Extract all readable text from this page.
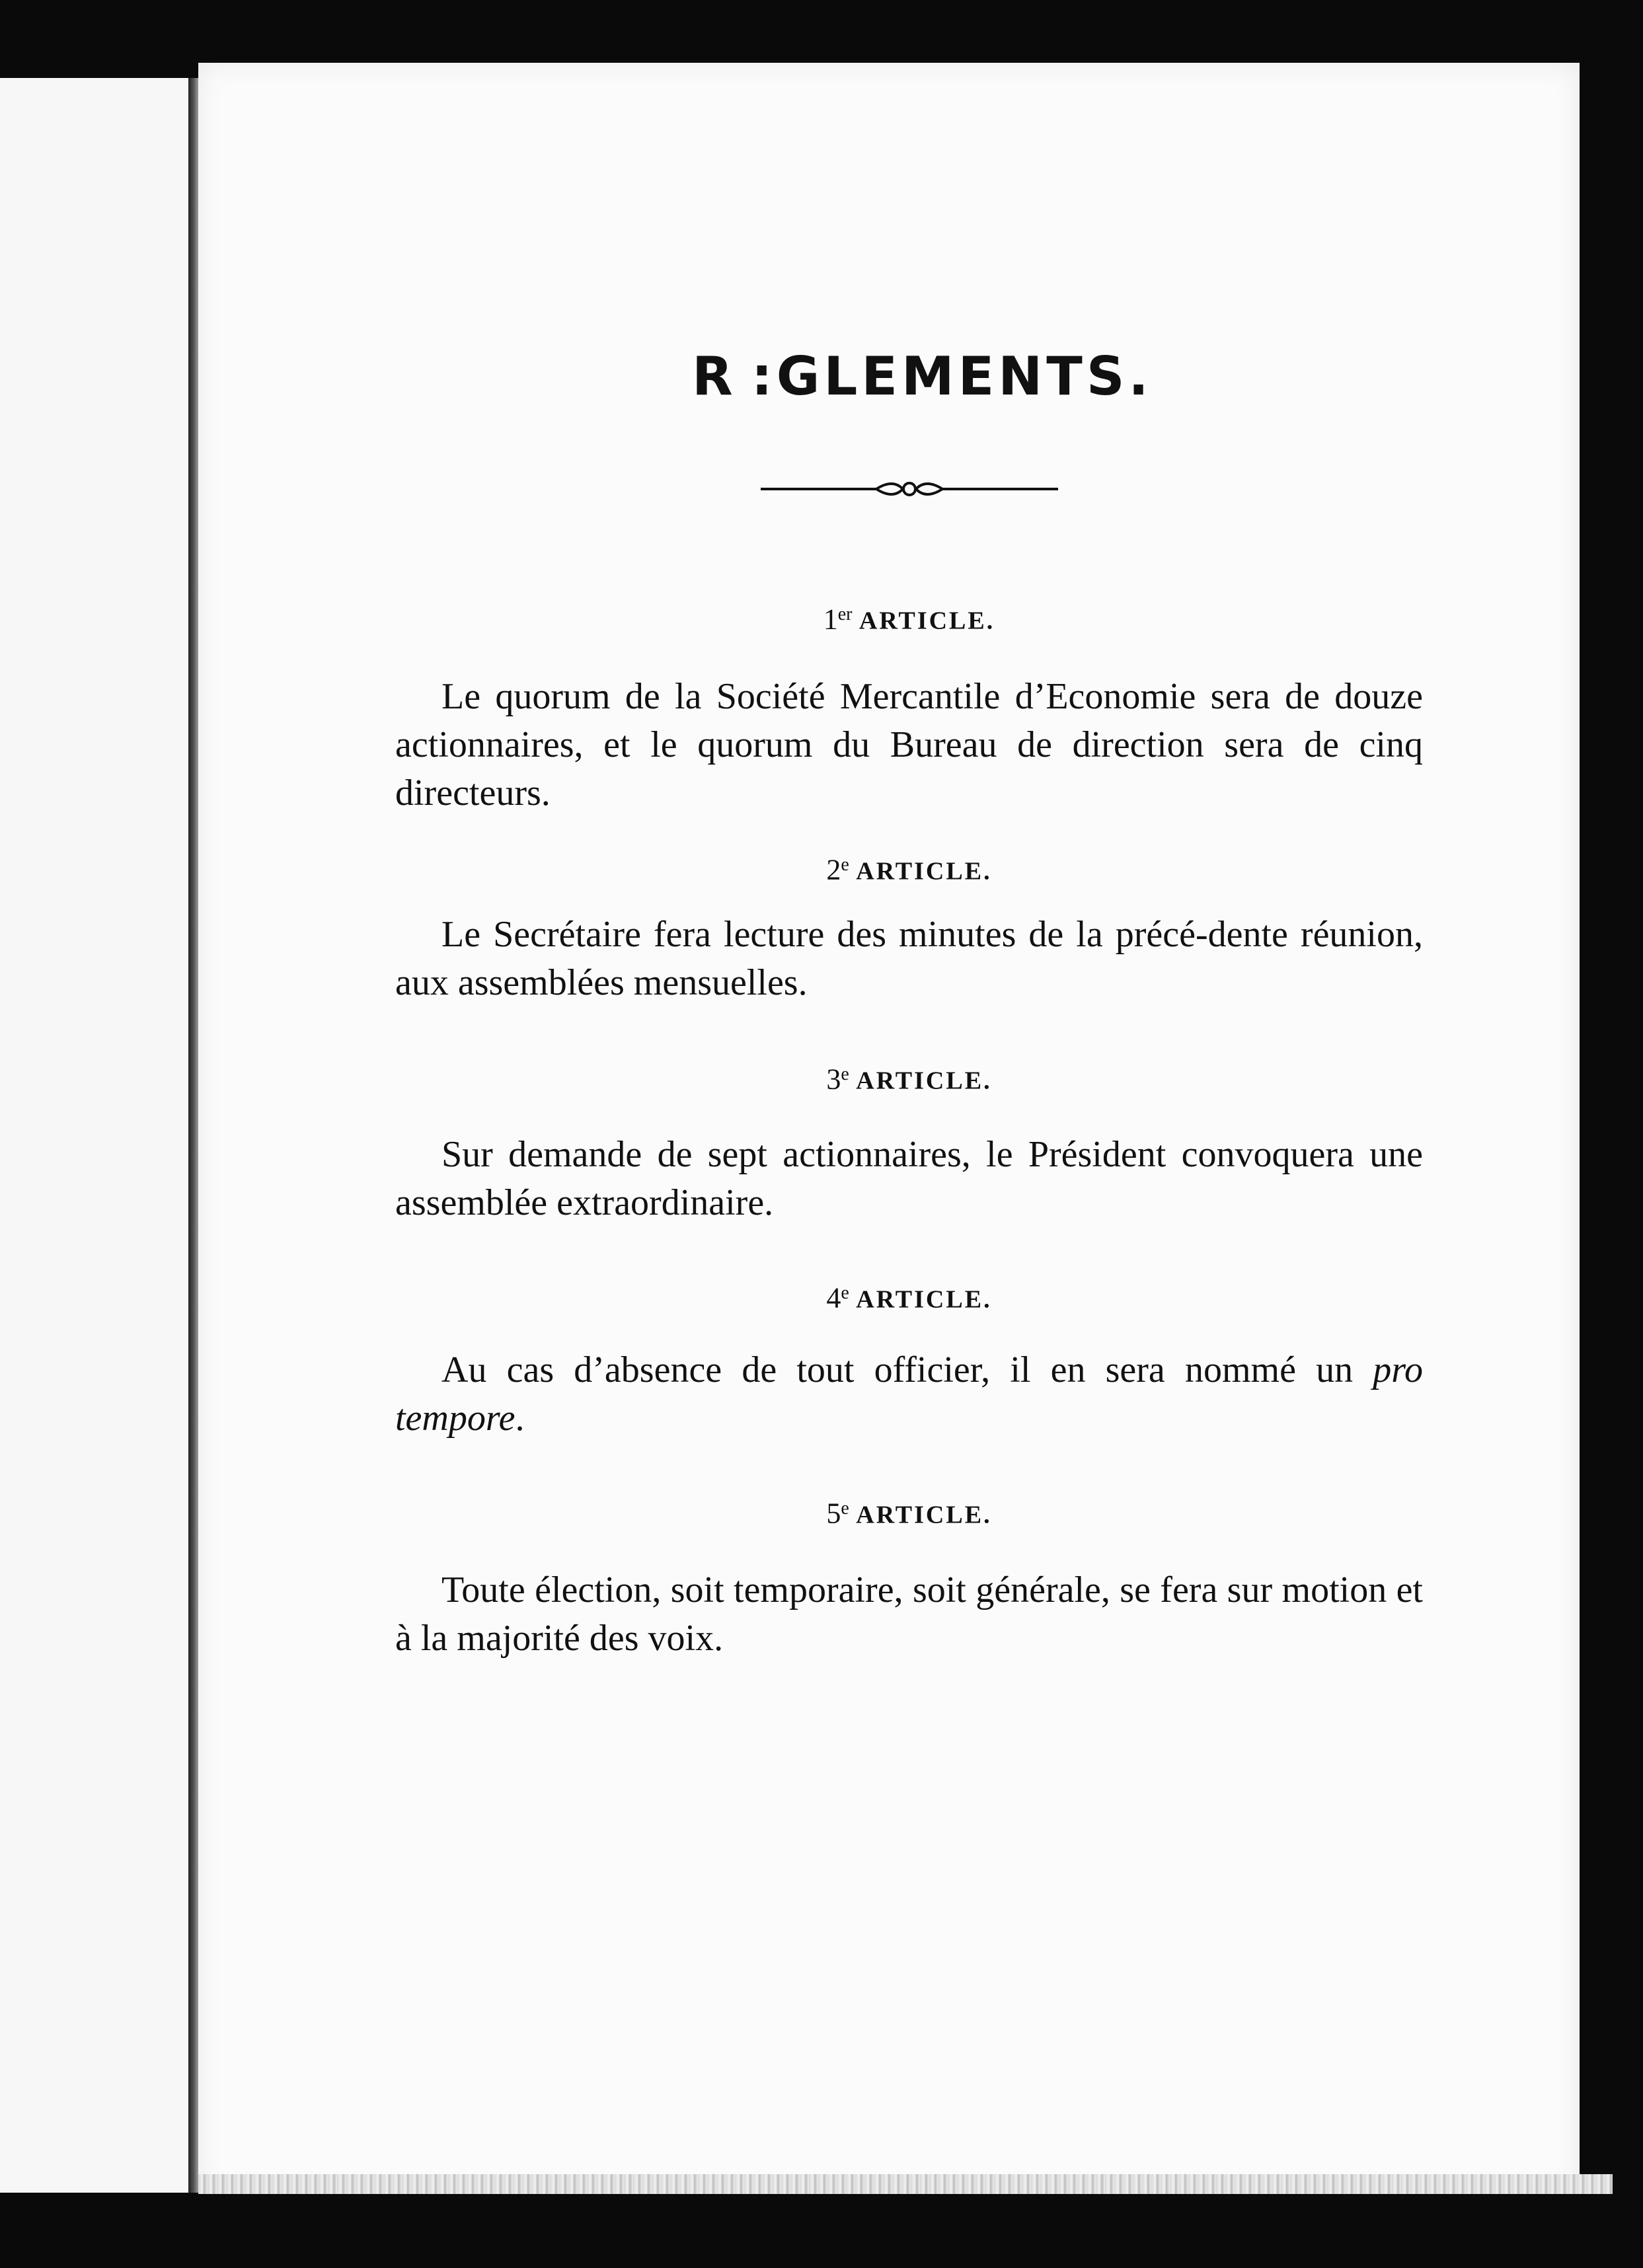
R :GLEMENTS.
1er ARTICLE.

Le quorum de la Société Mercantile d’Economie sera de douze actionnaires, et le quorum du Bureau de direction sera de cinq directeurs.

2e ARTICLE.

Le Secrétaire fera lecture des minutes de la précé-dente réunion, aux assemblées mensuelles.

3e ARTICLE.

Sur demande de sept actionnaires, le Président convoquera une assemblée extraordinaire.

4e ARTICLE.

Au cas d’absence de tout officier, il en sera nommé un pro tempore.

5e ARTICLE.

Toute élection, soit temporaire, soit générale, se fera sur motion et à la majorité des voix.
